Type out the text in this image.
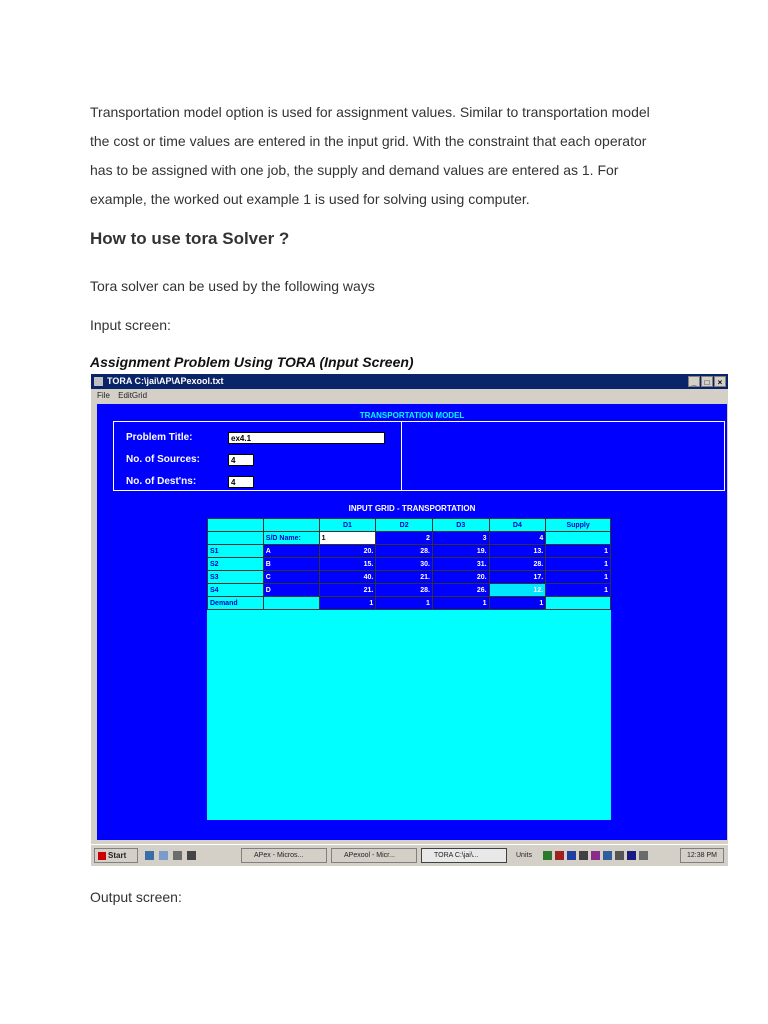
Transportation model option is used for assignment values. Similar to transportation model

the cost or time values are entered in the input grid. With the constraint that each operator

has to be assigned with one job, the supply and demand values are entered as 1. For

example, the worked out example 1 is used for solving using computer.

How to use tora Solver ?

Tora solver can be used by the following ways

Input screen:

Assignment Problem Using TORA (Input Screen)

TORA C:\jai\AP\APexool.txt	_	□	×
File EditGrid
TRANSPORTATION MODEL
Problem Title:	ex4.1
No. of Sources:	4
No. of Dest'ns:	4
INPUT GRID - TRANSPORTATION
		D1	D2	D3	D4	Supply
	S/D Name:	1	2	3	4	
S1	A	20.	28.	19.	13.	1
S2	B	15.	30.	31.	28.	1
S3	C	40.	21.	20.	17.	1
S4	D	21.	28.	26.	12.	1
Demand		1	1	1	1	
Start	APex - Micros...	APexool - Micr...	TORA C:\jai\...	Units	12:38 PM

Output screen:
